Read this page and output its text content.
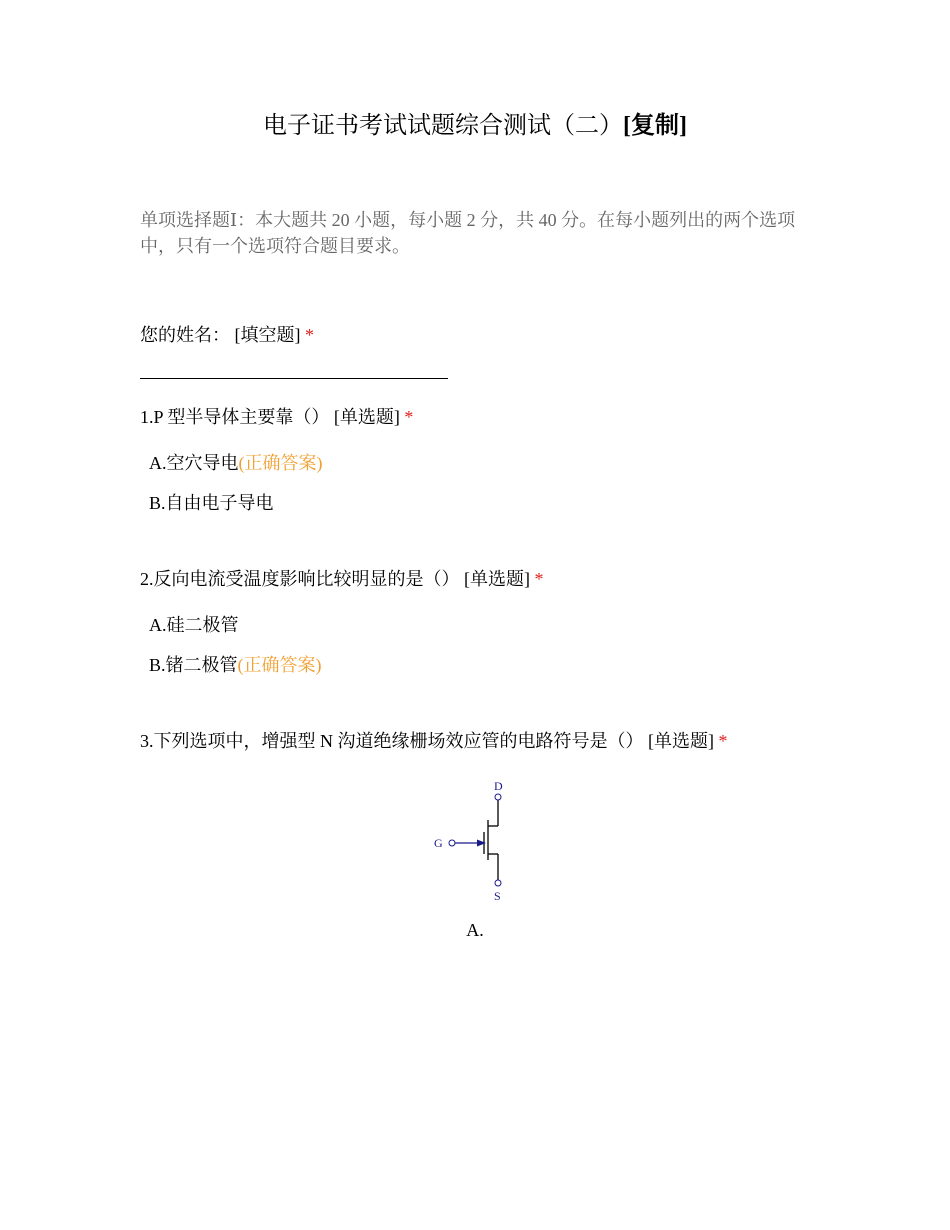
电子证书考试试题综合测试（二）[复制]
单项选择题Ⅰ：本大题共 20 小题，每小题 2 分，共 40 分。在每小题列出的两个选项中，只有一个选项符合题目要求。
您的姓名： [填空题] *
1.P 型半导体主要靠（） [单选题] *
A.空穴导电(正确答案)
B.自由电子导电
2.反向电流受温度影响比较明显的是（） [单选题] *
A.硅二极管
B.锗二极管(正确答案)
3.下列选项中，增强型 N 沟道绝缘栅场效应管的电路符号是（） [单选题] *
D
G
S
A.
